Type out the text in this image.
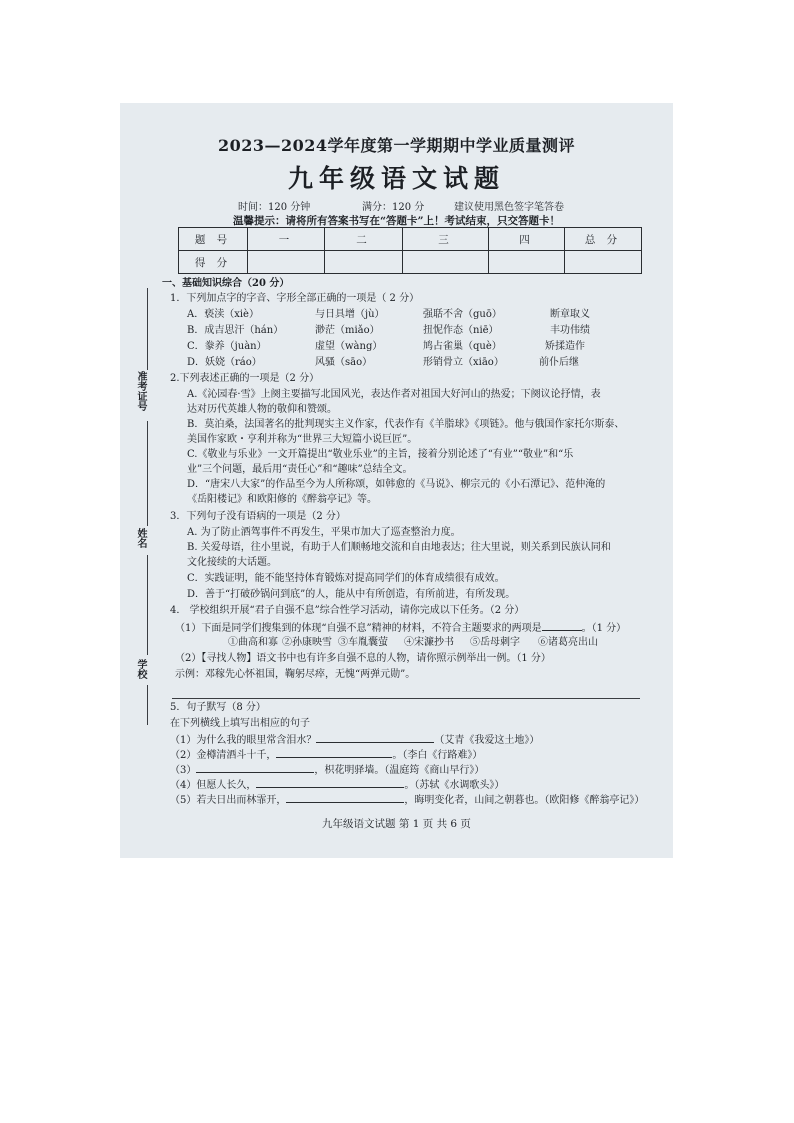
2023—2024学年度第一学期期中学业质量测评
九年级语文试题
时间：120 分钟	满分：120 分	建议使用黑色签字笔答卷
温馨提示：请将所有答案书写在“答题卡”上！考试结束，只交答题卡！
题 号	一	二	三	四	总 分
得 分					
准考证号
姓名
学校
一、基础知识综合（20 分）
1．下列加点字的字音、字形全部正确的一项是（ 2 分）
A．亵渎（xiè）	与日具增（jù）	强聒不舍（guō）	断章取义
B．成吉思汗（hán）	渺茫（miǎo）	扭怩作态（niē）	丰功伟绩
C．豢养（juàn）	虚望（wàng）	鸠占雀巢（què）	矫揉造作
D．妖娆（ráo）	风骚（sāo）	形销骨立（xiāo）	前仆后继
2.下列表述正确的一项是（2 分）
A.《沁园春·雪》上阕主要描写北国风光，表达作者对祖国大好河山的热爱；下阕议论抒情，表
达对历代英雄人物的敬仰和赞颂。
B．莫泊桑，法国著名的批判现实主义作家，代表作有《羊脂球》《项链》。他与俄国作家托尔斯泰、
美国作家欧・亨利并称为“世界三大短篇小说巨匠”。
C.《敬业与乐业》一文开篇提出“敬业乐业”的主旨，接着分别论述了“有业”“敬业”和“乐
业”三个问题，最后用“责任心”和“趣味”总结全文。
D．“唐宋八大家”的作品至今为人所称颂，如韩愈的《马说》、柳宗元的《小石潭记》、范仲淹的
《岳阳楼记》和欧阳修的《醉翁亭记》等。
3．下列句子没有语病的一项是（2 分）
A. 为了防止酒驾事件不再发生，平果市加大了巡查整治力度。
B. 关爱母语，往小里说，有助于人们顺畅地交流和自由地表达；往大里说，则关系到民族认同和
文化接续的大话题。
C．实践证明，能不能坚持体育锻炼对提高同学们的体育成绩很有成效。
D．善于“打破砂锅问到底”的人，能从中有所创造，有所前进，有所发现。
4． 学校组织开展“君子自强不息”综合性学习活动，请你完成以下任务。（2 分）
（1）下面是同学们搜集到的体现“自强不息”精神的材料，不符合主题要求的两项是	。（1 分）
①曲高和寡 ②孙康映雪 ③车胤囊萤 ④宋濂抄书 ⑤岳母刺字 ⑥诸葛亮出山
（2）【寻找人物】语文书中也有许多自强不息的人物，请你照示例举出一例。（1 分）
示例：邓稼先心怀祖国，鞠躬尽瘁，无愧“两弹元勋”。
5．句子默写（8 分）
在下列横线上填写出相应的句子
（1）为什么我的眼里常含泪水？	（艾青《我爱这土地》）
（2）金樽清酒斗十千，	。（李白《行路难》）
（3）	，枳花明驿墙。（温庭筠《商山早行》）
（4）但愿人长久，	。（苏轼《水调歌头》）
（5）若夫日出而林霏开，	，晦明变化者，山间之朝暮也。（欧阳修《醉翁亭记》）
九年级语文试题 第 1 页 共 6 页
